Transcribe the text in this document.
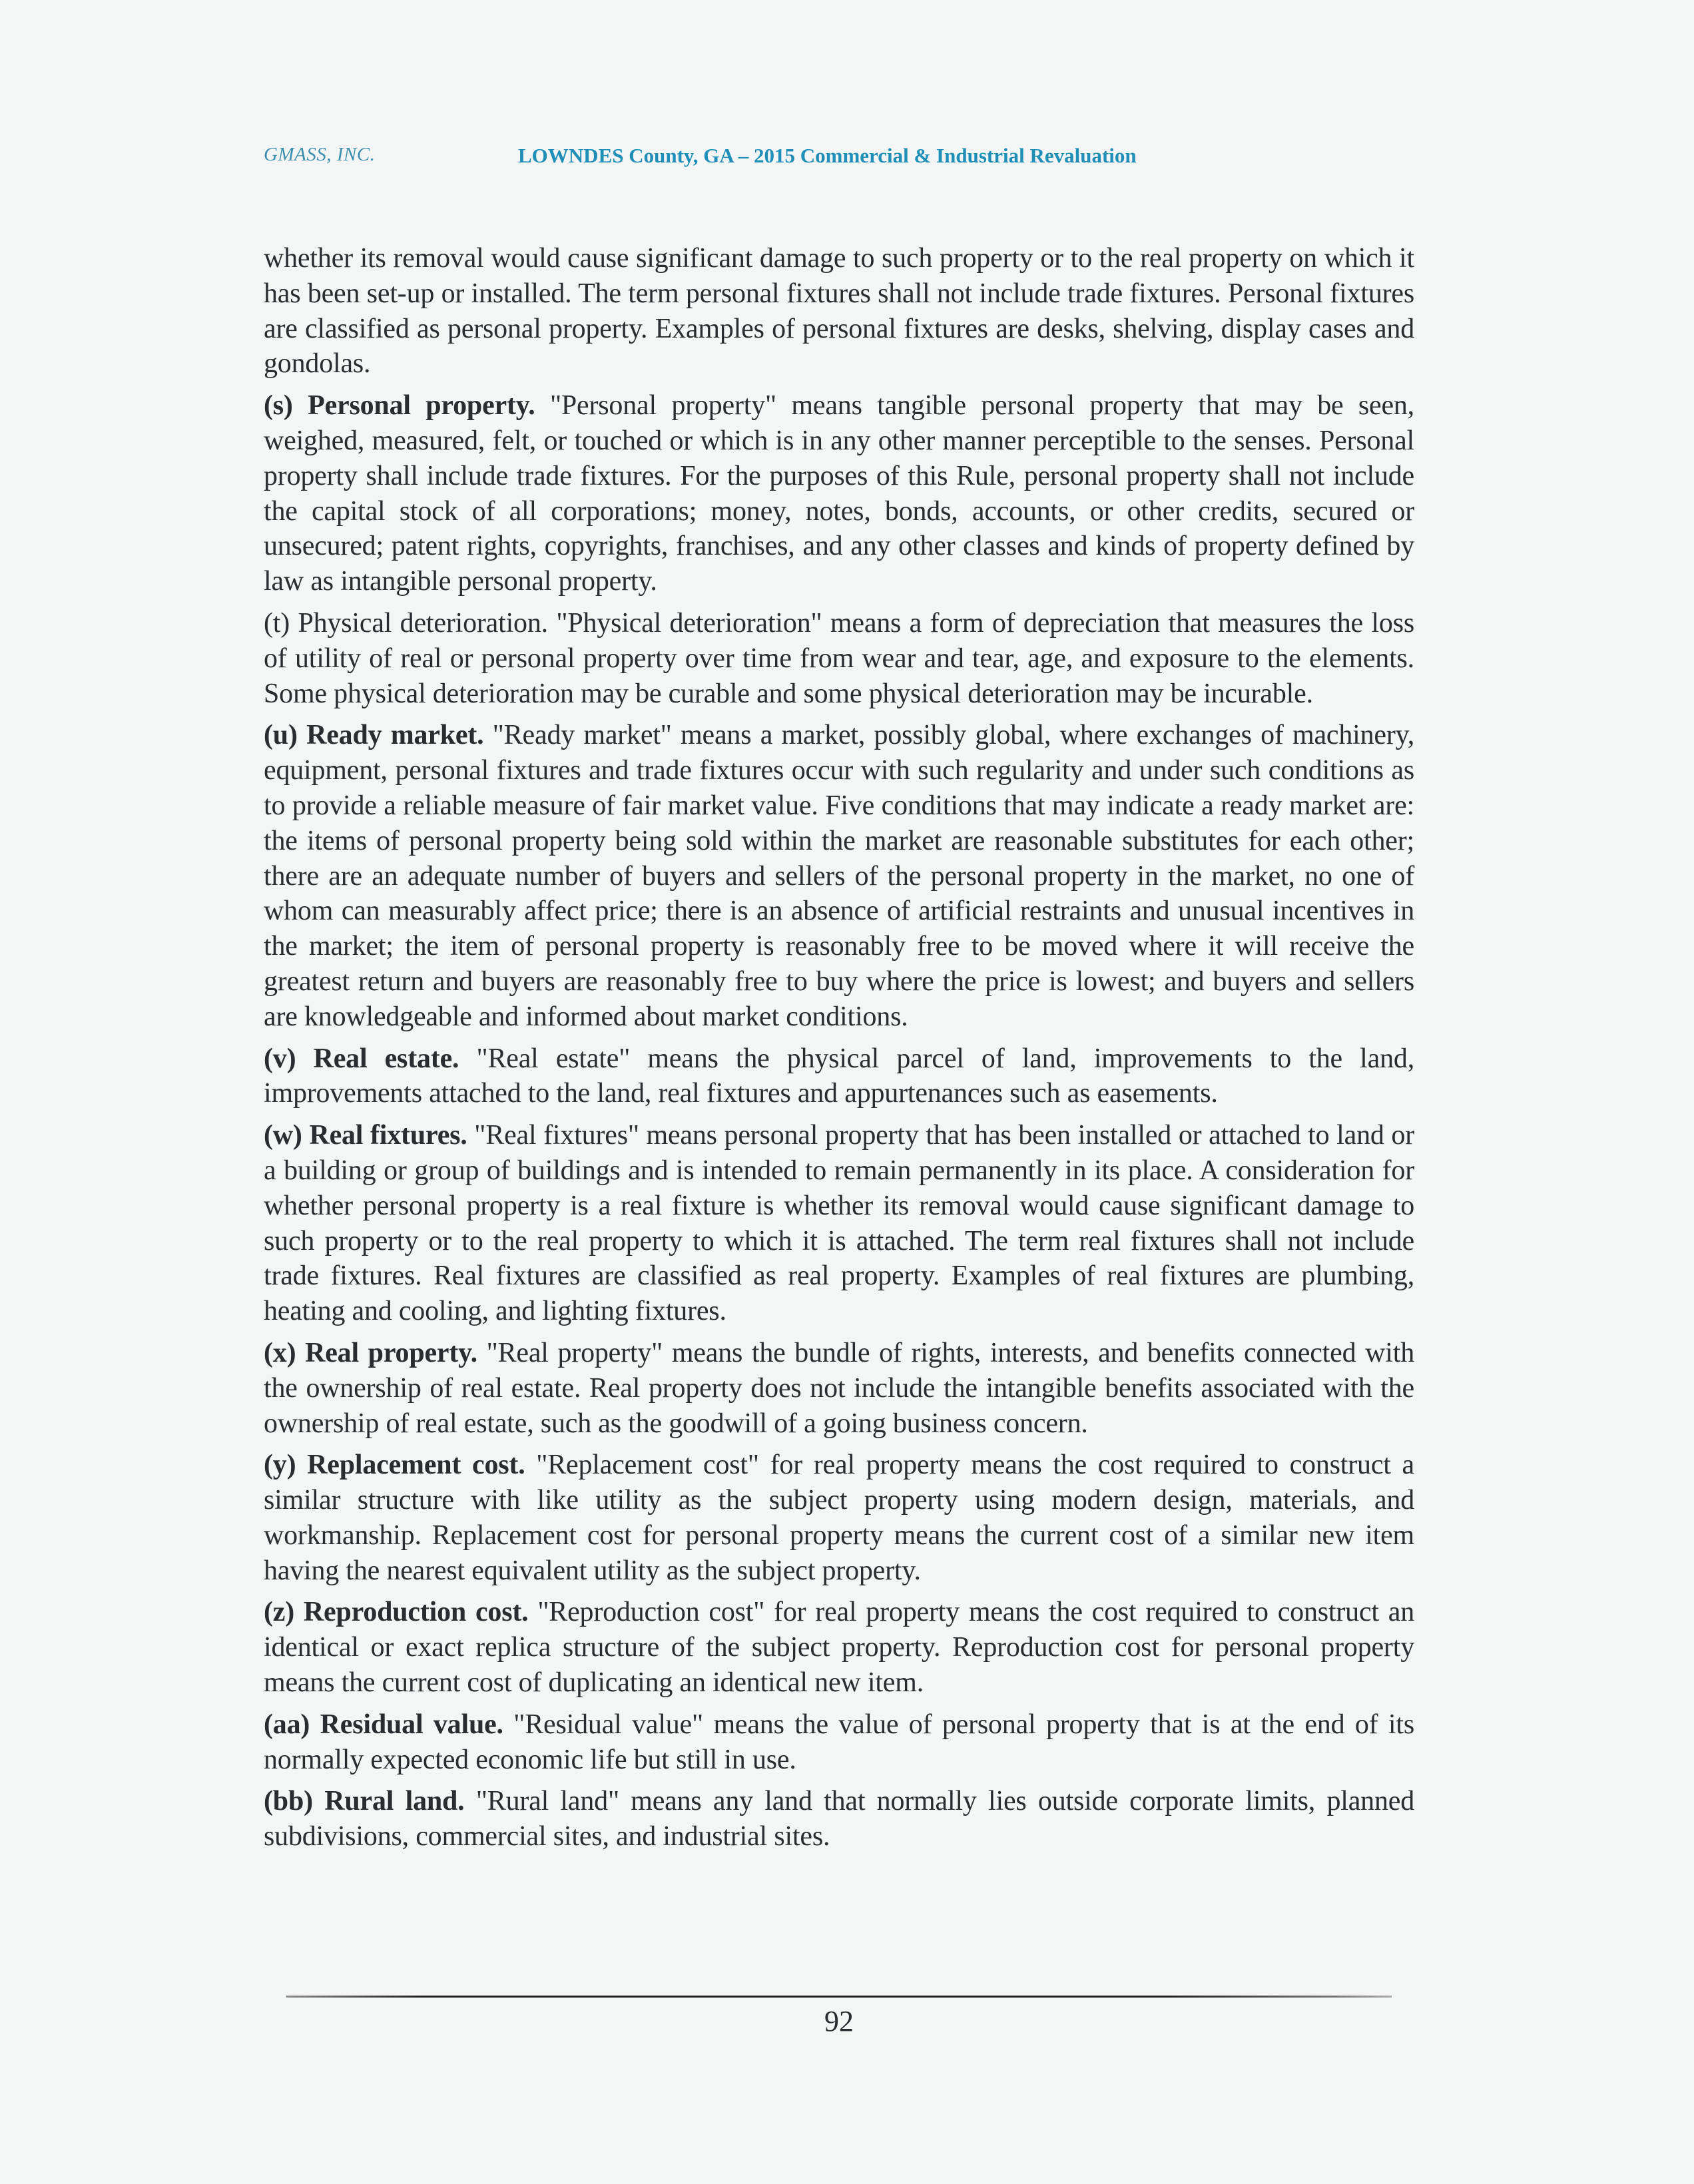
GMASS, INC.	LOWNDES County, GA – 2015 Commercial & Industrial Revaluation

whether its removal would cause significant damage to such property or to the real property on which it has been set-up or installed. The term personal fixtures shall not include trade fixtures. Personal fixtures are classified as personal property. Examples of personal fixtures are desks, shelving, display cases and gondolas.

(s) Personal property. "Personal property" means tangible personal property that may be seen, weighed, measured, felt, or touched or which is in any other manner perceptible to the senses. Personal property shall include trade fixtures. For the purposes of this Rule, personal property shall not include the capital stock of all corporations; money, notes, bonds, accounts, or other credits, secured or unsecured; patent rights, copyrights, franchises, and any other classes and kinds of property defined by law as intangible personal property.

(t) Physical deterioration. "Physical deterioration" means a form of depreciation that measures the loss of utility of real or personal property over time from wear and tear, age, and exposure to the elements. Some physical deterioration may be curable and some physical deterioration may be incurable.

(u) Ready market. "Ready market" means a market, possibly global, where exchanges of machinery, equipment, personal fixtures and trade fixtures occur with such regularity and under such conditions as to provide a reliable measure of fair market value. Five conditions that may indicate a ready market are: the items of personal property being sold within the market are reasonable substitutes for each other; there are an adequate number of buyers and sellers of the personal property in the market, no one of whom can measurably affect price; there is an absence of artificial restraints and unusual incentives in the market; the item of personal property is reasonably free to be moved where it will receive the greatest return and buyers are reasonably free to buy where the price is lowest; and buyers and sellers are knowledgeable and informed about market conditions.

(v) Real estate. "Real estate" means the physical parcel of land, improvements to the land, improvements attached to the land, real fixtures and appurtenances such as easements.

(w) Real fixtures. "Real fixtures" means personal property that has been installed or attached to land or a building or group of buildings and is intended to remain permanently in its place. A consideration for whether personal property is a real fixture is whether its removal would cause significant damage to such property or to the real property to which it is attached. The term real fixtures shall not include trade fixtures. Real fixtures are classified as real property. Examples of real fixtures are plumbing, heating and cooling, and lighting fixtures.

(x) Real property. "Real property" means the bundle of rights, interests, and benefits connected with the ownership of real estate. Real property does not include the intangible benefits associated with the ownership of real estate, such as the goodwill of a going business concern.

(y) Replacement cost. "Replacement cost" for real property means the cost required to construct a similar structure with like utility as the subject property using modern design, materials, and workmanship. Replacement cost for personal property means the current cost of a similar new item having the nearest equivalent utility as the subject property.

(z) Reproduction cost. "Reproduction cost" for real property means the cost required to construct an identical or exact replica structure of the subject property. Reproduction cost for personal property means the current cost of duplicating an identical new item.

(aa) Residual value. "Residual value" means the value of personal property that is at the end of its normally expected economic life but still in use.

(bb) Rural land. "Rural land" means any land that normally lies outside corporate limits, planned subdivisions, commercial sites, and industrial sites.

92
